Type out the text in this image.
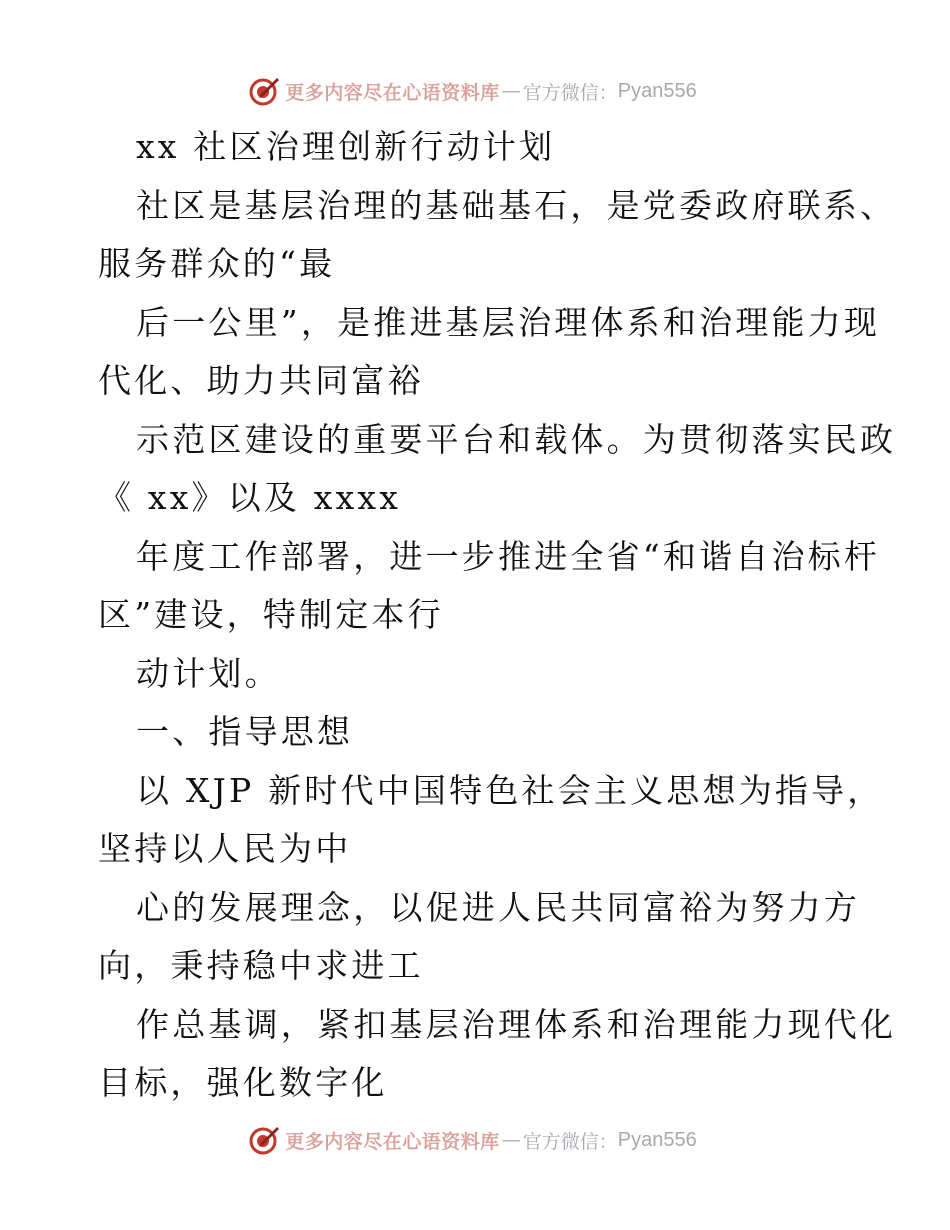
更多内容尽在心语资料库 — 官方微信： Pyan556
xx 社区治理创新行动计划
社区是基层治理的基础基石，是党委政府联系、
服务群众的“最
后一公里”，是推进基层治理体系和治理能力现
代化、助力共同富裕
示范区建设的重要平台和载体。为贯彻落实民政
《 xx》以及 xxxx
年度工作部署，进一步推进全省“和谐自治标杆
区”建设，特制定本行
动计划。
一、指导思想
以 XJP 新时代中国特色社会主义思想为指导，
坚持以人民为中
心的发展理念，以促进人民共同富裕为努力方
向，秉持稳中求进工
作总基调，紧扣基层治理体系和治理能力现代化
目标，强化数字化
更多内容尽在心语资料库 — 官方微信： Pyan556
